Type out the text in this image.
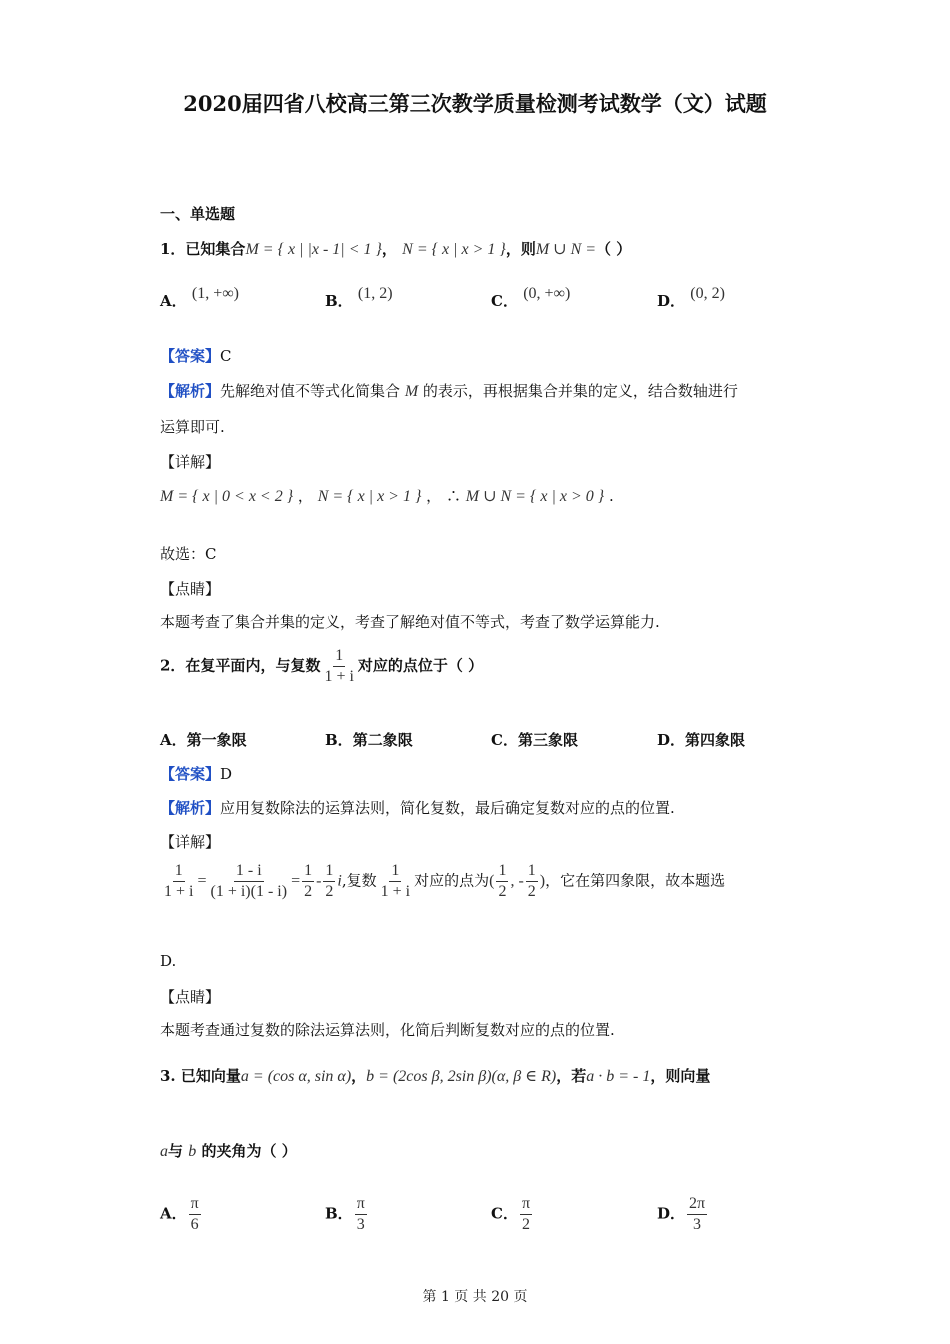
2020届四省八校高三第三次教学质量检测考试数学（文）试题
一、单选题
1．已知集合M = { x | |x - 1| < 1 }， N = { x | x > 1 }，则M ∪ N =（ ）
A． (1, +∞)	B． (1, 2)	C． (0, +∞)	D． (0, 2)
【答案】C
【解析】先解绝对值不等式化简集合 M 的表示，再根据集合并集的定义，结合数轴进行
运算即可.
【详解】
M = { x | 0 < x < 2 } ， N = { x | x > 1 } ， ∴ M ∪ N = { x | x > 0 } .
故选：C
【点睛】
本题考查了集合并集的定义，考查了解绝对值不等式，考查了数学运算能力.
2．在复平面内，与复数 $\frac{1}{1 + i}$ 对应的点位于（ ）
A．第一象限	B．第二象限	C．第三象限	D．第四象限
【答案】D
【解析】应用复数除法的运算法则，简化复数，最后确定复数对应的点的位置.
【详解】
$\frac{1}{1 + i} = \frac{1 - i}{(1 + i)(1 - i)} = \frac{1}{2} - \frac{1}{2} i$,复数 $\frac{1}{1 + i}$ 对应的点为( $\frac{1}{2}$ , - $\frac{1}{2}$ )，它在第四象限，故本题选
D.
【点睛】
本题考查通过复数的除法运算法则，化简后判断复数对应的点的位置.
3. 已知向量a = (cos α, sin α)，b = (2cos β, 2sin β)(α, β ∈ R)，若a · b = - 1，则向量
a与 b 的夹角为（ ）
A． $\frac{\pi}{6}$	B． $\frac{\pi}{3}$	C． $\frac{\pi}{2}$	D． $\frac{2\pi}{3}$
第 1 页 共 20 页
